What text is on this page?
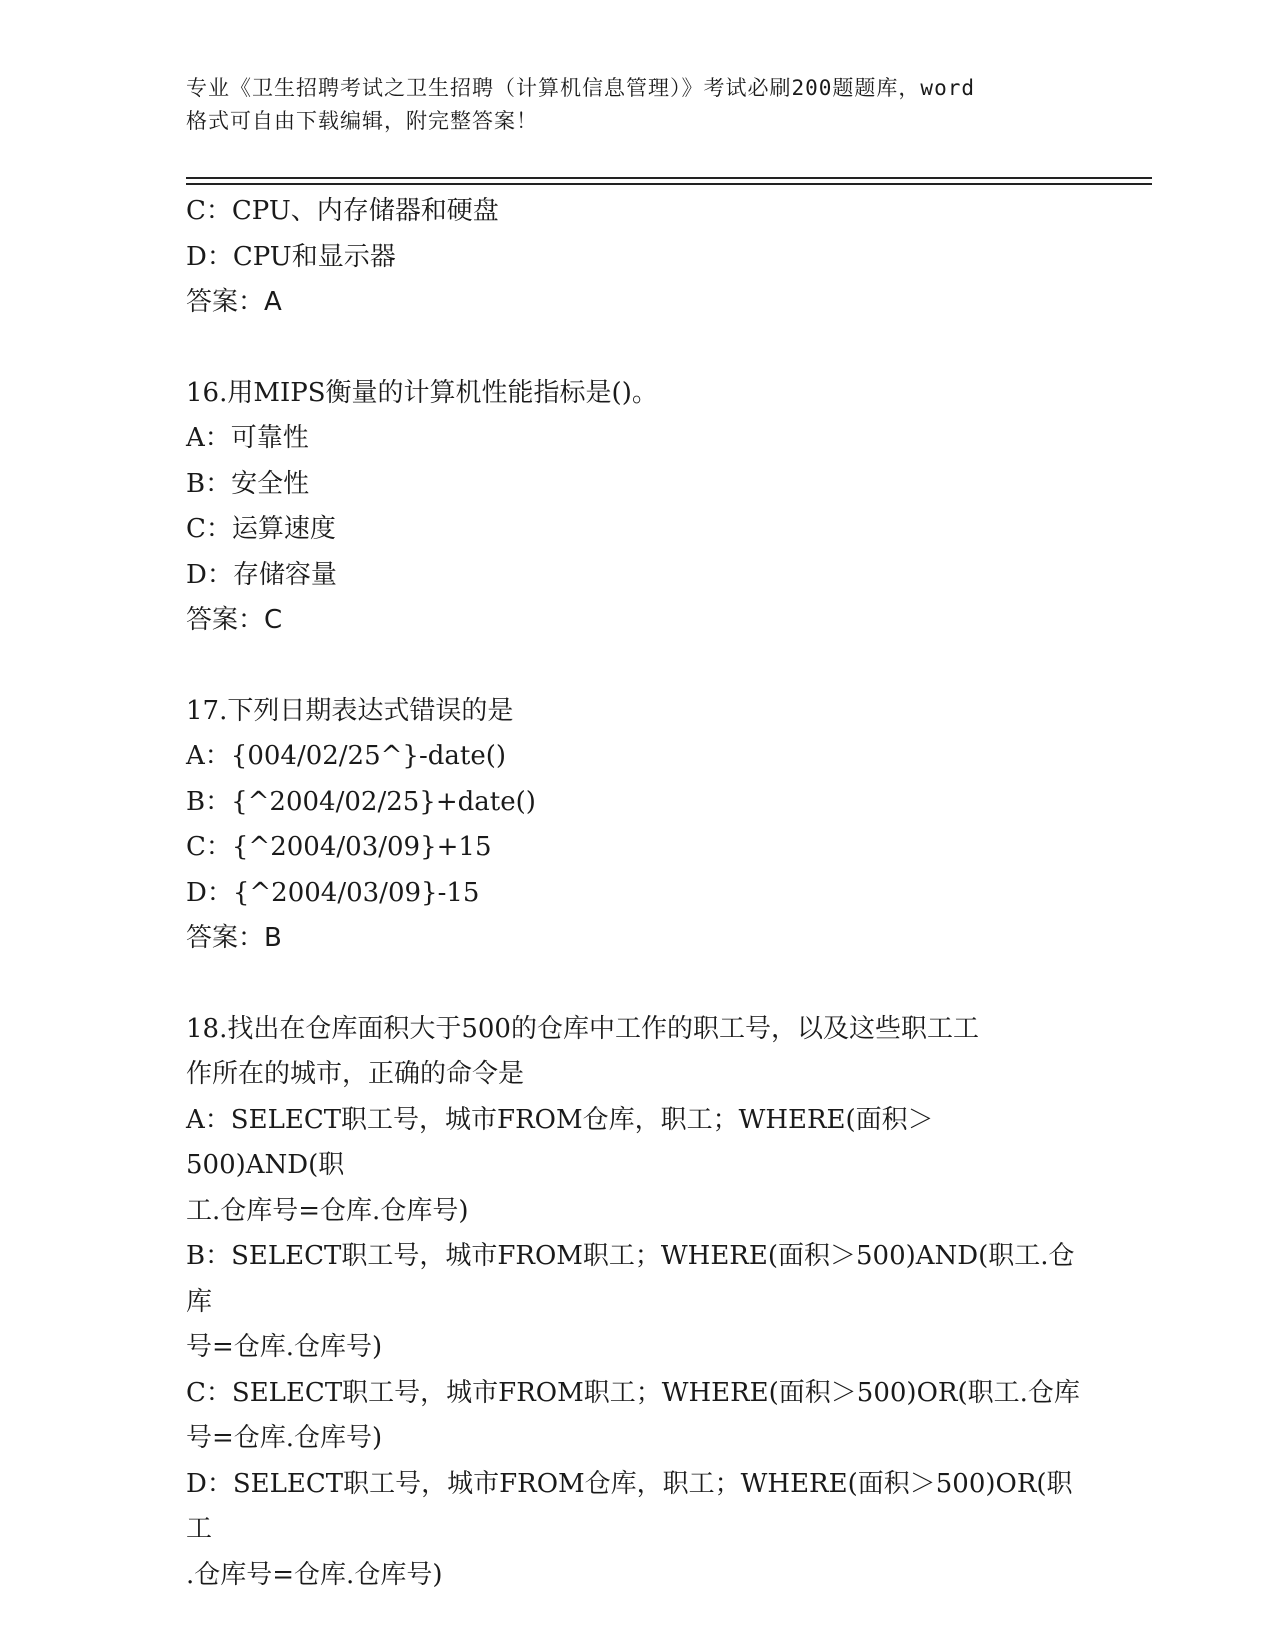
专业《卫生招聘考试之卫生招聘（计算机信息管理）》考试必刷200题题库，word
格式可自由下载编辑，附完整答案！
C：CPU、内存储器和硬盘
D：CPU和显示器
答案：A
16.用MIPS衡量的计算机性能指标是()。
A：可靠性
B：安全性
C：运算速度
D：存储容量
答案：C
17.下列日期表达式错误的是
A：{004/02/25^}-date()
B：{^2004/02/25}+date()
C：{^2004/03/09}+15
D：{^2004/03/09}-15
答案：B
18.找出在仓库面积大于500的仓库中工作的职工号，以及这些职工工
作所在的城市，正确的命令是
A：SELECT职工号，城市FROM仓库，职工；WHERE(面积＞500)AND(职
工.仓库号=仓库.仓库号)
B：SELECT职工号，城市FROM职工；WHERE(面积＞500)AND(职工.仓库
号=仓库.仓库号)
C：SELECT职工号，城市FROM职工；WHERE(面积＞500)OR(职工.仓库
号=仓库.仓库号)
D：SELECT职工号，城市FROM仓库，职工；WHERE(面积＞500)OR(职工
.仓库号=仓库.仓库号)
